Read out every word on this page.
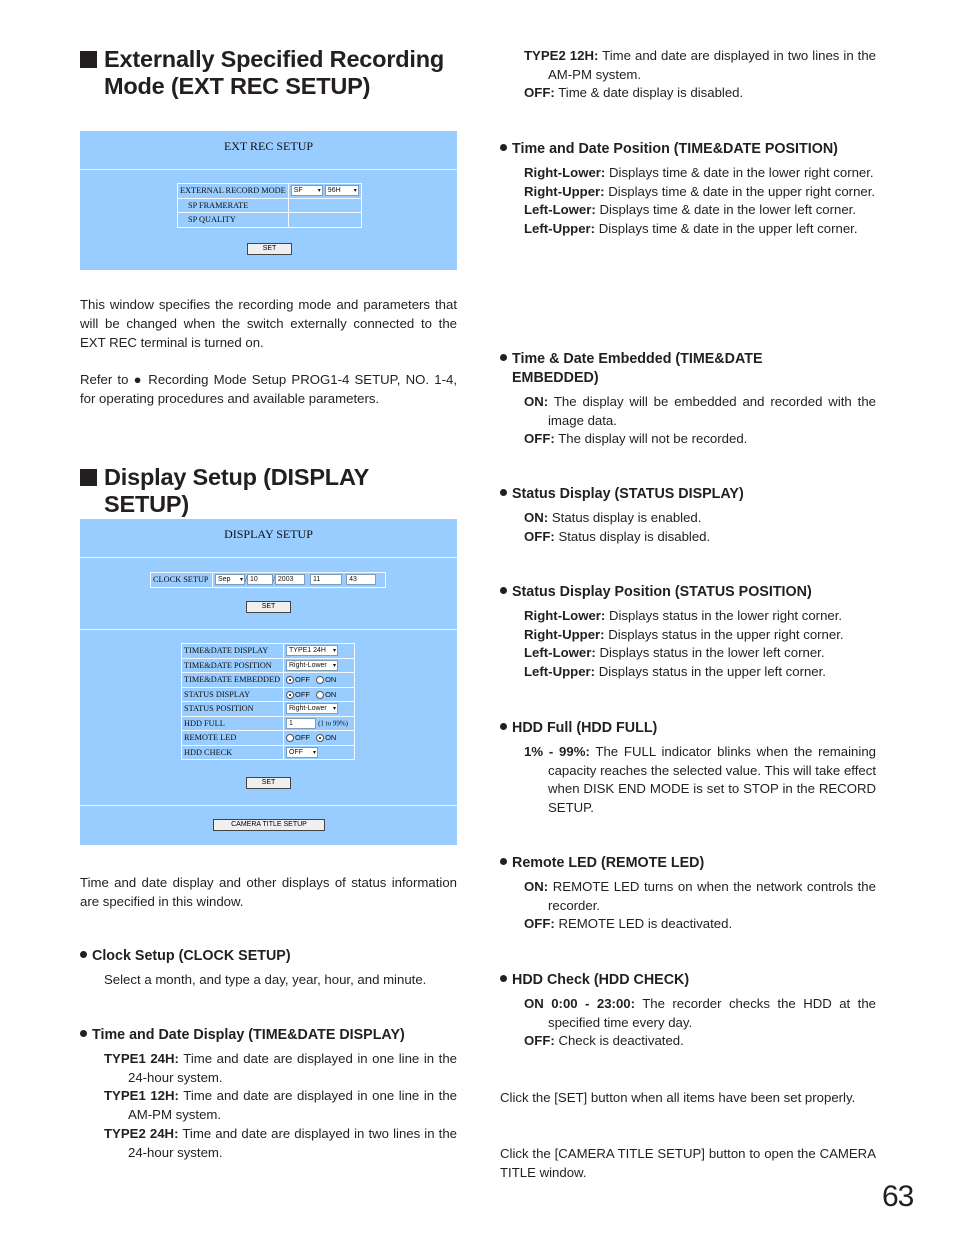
Externally Specified Recording
Mode (EXT REC SETUP)
EXT REC SETUP
EXTERNAL RECORD MODE	SF ▾ 96H ▾

SP FRAMERATE	
SP QUALITY	
SET
This window specifies the recording mode and parameters that will be changed when the switch externally connected to the EXT REC terminal is turned on.
Refer to ● Recording Mode Setup PROG1-4 SETUP, NO. 1-4, for operating procedures and available parameters.
Display Setup (DISPLAY SETUP)
DISPLAY SETUP
CLOCK SETUP	Sep ▾ 10	2003	11	43
SET
TIME&DATE DISPLAY	TYPE1 24H ▾

TIME&DATE POSITION	Right-Lower ▾

TIME&DATE EMBEDDED	OFF ON
STATUS DISPLAY	OFF ON
STATUS POSITION	Right-Lower ▾

HDD FULL	1 (1 to 99%)
REMOTE LED	OFF ON
HDD CHECK	OFF ▾
SET
CAMERA TITLE SETUP
Time and date display and other displays of status information are specified in this window.
Clock Setup (CLOCK SETUP)
Select a month, and type a day, year, hour, and minute.
Time and Date Display (TIME&DATE DISPLAY)
TYPE1 24H: Time and date are displayed in one line in the 24-hour system.
TYPE1 12H: Time and date are displayed in one line in the AM-PM system.
TYPE2 24H: Time and date are displayed in two lines in the 24-hour system.
TYPE2 12H: Time and date are displayed in two lines in the AM-PM system.
OFF: Time & date display is disabled.
Time and Date Position (TIME&DATE POSITION)
Right-Lower: Displays time & date in the lower right corner.
Right-Upper: Displays time & date in the upper right corner.
Left-Lower: Displays time & date in the lower left corner.
Left-Upper: Displays time & date in the upper left corner.
Time & Date Embedded (TIME&DATE
EMBEDDED)
ON: The display will be embedded and recorded with the image data.
OFF: The display will not be recorded.
Status Display (STATUS DISPLAY)
ON: Status display is enabled.
OFF: Status display is disabled.
Status Display Position (STATUS POSITION)
Right-Lower: Displays status in the lower right corner.
Right-Upper: Displays status in the upper right corner.
Left-Lower: Displays status in the lower left corner.
Left-Upper: Displays status in the upper left corner.
HDD Full (HDD FULL)
1% - 99%: The FULL indicator blinks when the remaining capacity reaches the selected value. This will take effect when DISK END MODE is set to STOP in the RECORD SETUP.
Remote LED (REMOTE LED)
ON: REMOTE LED turns on when the network controls the recorder.
OFF: REMOTE LED is deactivated.
HDD Check (HDD CHECK)
ON 0:00 - 23:00: The recorder checks the HDD at the specified time every day.
OFF: Check is deactivated.
Click the [SET] button when all items have been set properly.
Click the [CAMERA TITLE SETUP] button to open the CAMERA TITLE window.
63
